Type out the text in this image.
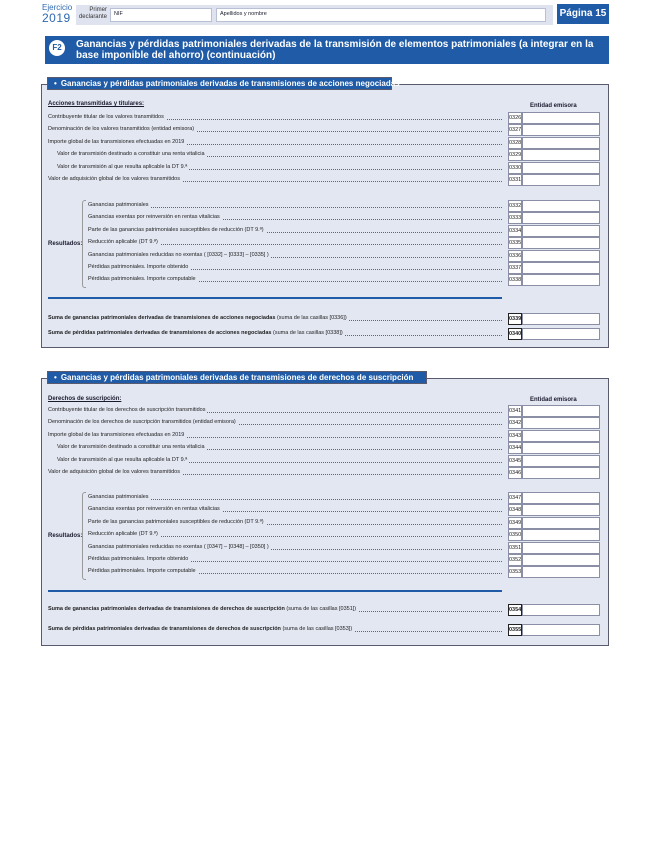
Ejercicio
2019
Primer declarante	NIF	Apellidos y nombre	Página 15
F2	Ganancias y pérdidas patrimoniales derivadas de la transmisión de elementos patrimoniales (a integrar en la base imponible del ahorro) (continuación)
• Ganancias y pérdidas patrimoniales derivadas de transmisiones de acciones negociadas
Acciones transmitidas y titulares:	Entidad emisora
Contribuyente titular de los valores transmitidos	0326
Denominación de los valores transmitidos (entidad emisora)	0327
Importe global de las transmisiones efectuadas en 2019	0328
Valor de transmisión destinado a constituir una renta vitalicia	0329
Valor de transmisión al que resulta aplicable la DT 9.ª	0330
Valor de adquisición global de los valores transmitidos	0331
Ganancias patrimoniales	0332
Ganancias exentas por reinversión en rentas vitalicias	0333
Parte de las ganancias patrimoniales susceptibles de reducción (DT 9.ª)	0334
Reducción aplicable (DT 9.ª)	0335
Ganancias patrimoniales reducidas no exentas ( [0332] – [0333] – [0335] )	0336
Pérdidas patrimoniales. Importe obtenido	0337
Pérdidas patrimoniales. Importe computable	0338
Resultados:
Suma de ganancias patrimoniales derivadas de transmisiones de acciones negociadas (suma de las casillas [0336])	0339
Suma de pérdidas patrimoniales derivadas de transmisiones de acciones negociadas (suma de las casillas [0338])	0340
• Ganancias y pérdidas patrimoniales derivadas de transmisiones de derechos de suscripción
Derechos de suscripción:	Entidad emisora
Contribuyente titular de los derechos de suscripción transmitidos	0341
Denominación de los derechos de suscripción transmitidos (entidad emisora)	0342
Importe global de las transmisiones efectuadas en 2019	0343
Valor de transmisión destinado a constituir una renta vitalicia	0344
Valor de transmisión al que resulta aplicable la DT 9.ª	0345
Valor de adquisición global de los valores transmitidos	0346
Ganancias patrimoniales	0347
Ganancias exentas por reinversión en rentas vitalicias	0348
Parte de las ganancias patrimoniales susceptibles de reducción (DT 9.ª)	0349
Reducción aplicable (DT 9.ª)	0350
Ganancias patrimoniales reducidas no exentas ( [0347] – [0348] – [0350] )	0351
Pérdidas patrimoniales. Importe obtenido	0352
Pérdidas patrimoniales. Importe computable	0353
Resultados:
Suma de ganancias patrimoniales derivadas de transmisiones de derechos de suscripción (suma de las casillas [0351])	0354
Suma de pérdidas patrimoniales derivadas de transmisiones de derechos de suscripción (suma de las casillas [0353])	0355
